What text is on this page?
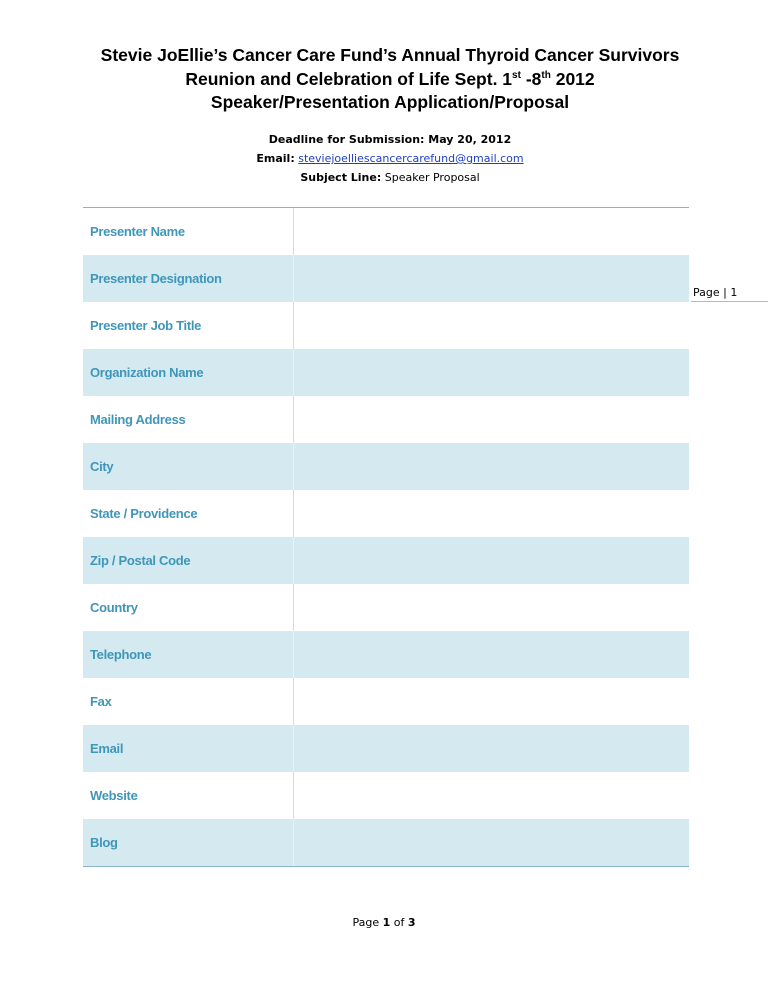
Stevie JoEllie’s Cancer Care Fund’s Annual Thyroid Cancer Survivors
Reunion and Celebration of Life Sept. 1st -8th 2012
Speaker/Presentation Application/Proposal
Deadline for Submission: May 20, 2012
Email: steviejoelliescancercarefund@gmail.com
Subject Line: Speaker Proposal
Presenter Name
Presenter Designation
Presenter Job Title
Organization Name
Mailing Address
City
State / Providence
Zip / Postal Code
Country
Telephone
Fax
Email
Website
Blog
Page | 1
Page 1 of 3
